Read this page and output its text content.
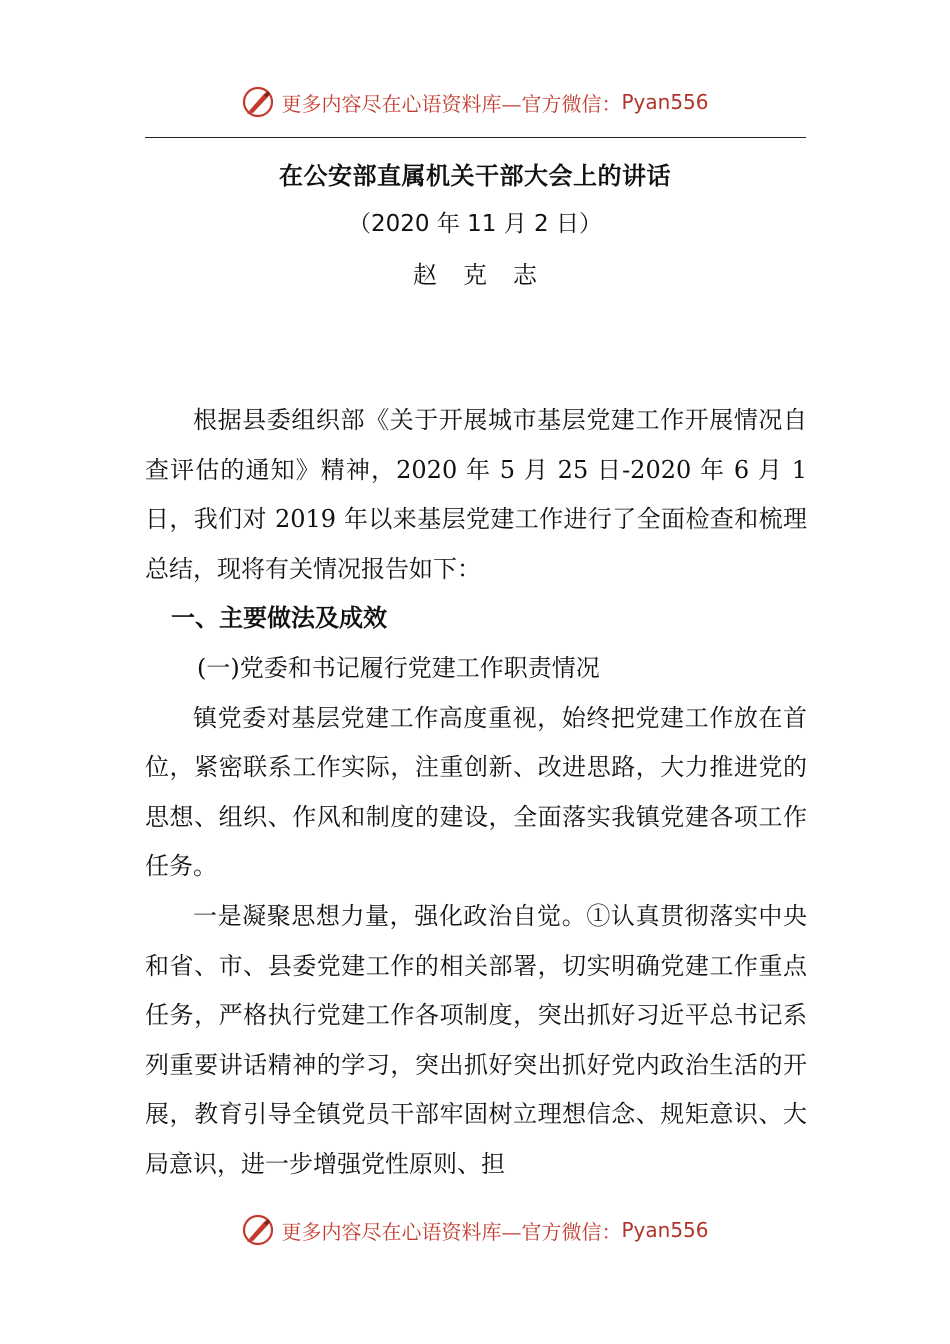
更多内容尽在心语资料库—官方微信： Pyan556
在公安部直属机关干部大会上的讲话
（2020 年 11 月 2 日）
赵克志

根据县委组织部《关于开展城市基层党建工作开展情况自查评估的通知》精神，2020 年 5 月 25 日-2020 年 6 月 1 日，我们对 2019 年以来基层党建工作进行了全面检查和梳理总结，现将有关情况报告如下：

一、主要做法及成效

(一)党委和书记履行党建工作职责情况

镇党委对基层党建工作高度重视，始终把党建工作放在首位，紧密联系工作实际，注重创新、改进思路，大力推进党的思想、组织、作风和制度的建设，全面落实我镇党建各项工作任务。

一是凝聚思想力量，强化政治自觉。①认真贯彻落实中央和省、市、县委党建工作的相关部署，切实明确党建工作重点任务，严格执行党建工作各项制度，突出抓好习近平总书记系列重要讲话精神的学习，突出抓好突出抓好党内政治生活的开展，教育引导全镇党员干部牢固树立理想信念、规矩意识、大局意识，进一步增强党性原则、担

更多内容尽在心语资料库—官方微信： Pyan556
